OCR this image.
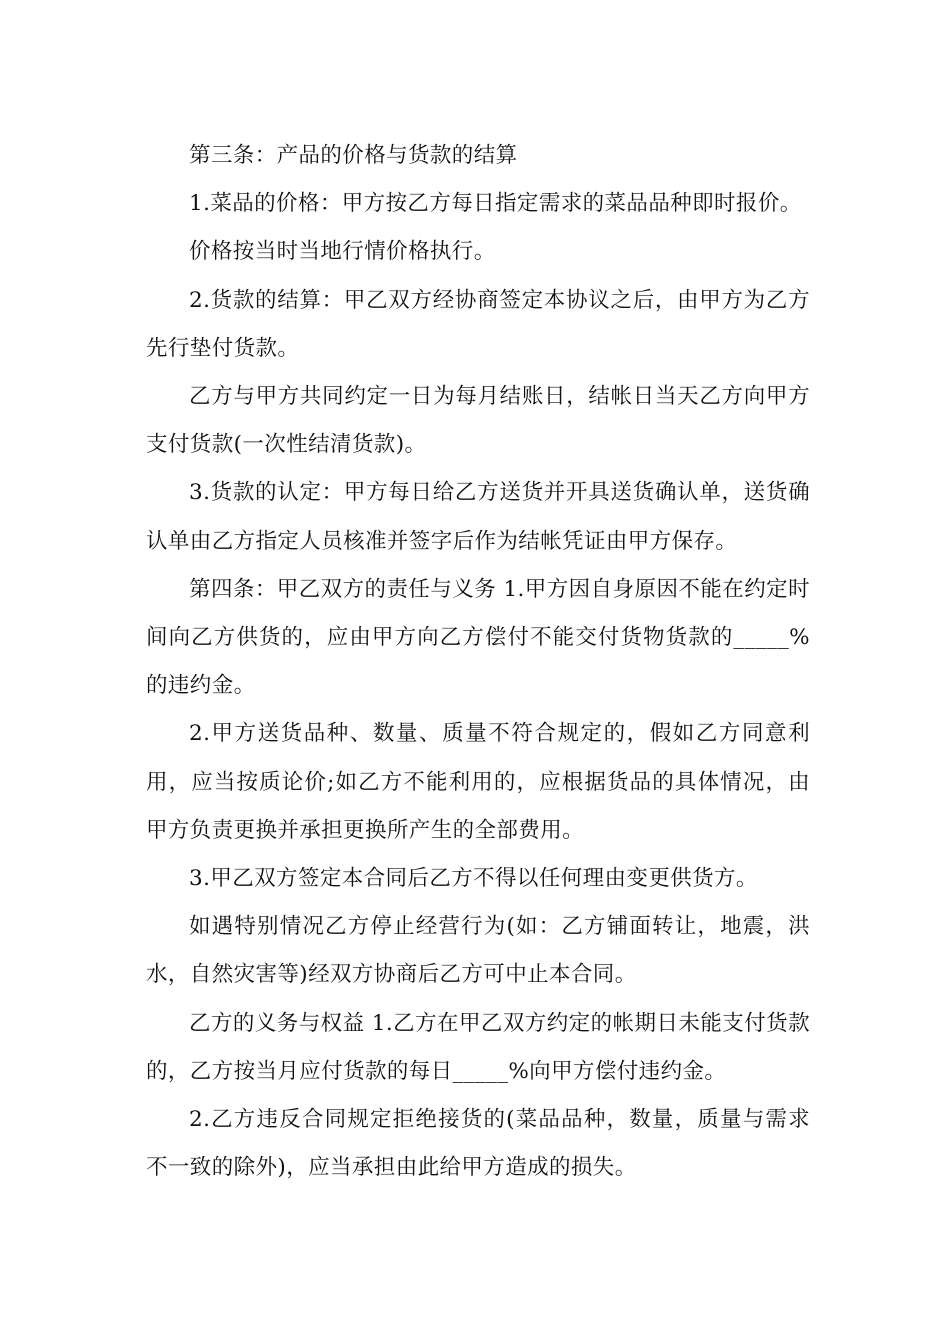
第三条：产品的价格与货款的结算

1.菜品的价格：甲方按乙方每日指定需求的菜品品种即时报价。

价格按当时当地行情价格执行。

2.货款的结算：甲乙双方经协商签定本协议之后，由甲方为乙方先行垫付货款。

乙方与甲方共同约定一日为每月结账日，结帐日当天乙方向甲方支付货款(一次性结清货款)。

3.货款的认定：甲方每日给乙方送货并开具送货确认单，送货确认单由乙方指定人员核准并签字后作为结帐凭证由甲方保存。

第四条：甲乙双方的责任与义务 1.甲方因自身原因不能在约定时间向乙方供货的，应由甲方向乙方偿付不能交付货物货款的_____%的违约金。

2.甲方送货品种、数量、质量不符合规定的，假如乙方同意利用，应当按质论价;如乙方不能利用的，应根据货品的具体情况，由甲方负责更换并承担更换所产生的全部费用。

3.甲乙双方签定本合同后乙方不得以任何理由变更供货方。

如遇特别情况乙方停止经营行为(如：乙方铺面转让，地震，洪水，自然灾害等)经双方协商后乙方可中止本合同。

乙方的义务与权益 1.乙方在甲乙双方约定的帐期日未能支付货款的，乙方按当月应付货款的每日_____%向甲方偿付违约金。

2.乙方违反合同规定拒绝接货的(菜品品种，数量，质量与需求不一致的除外)，应当承担由此给甲方造成的损失。
